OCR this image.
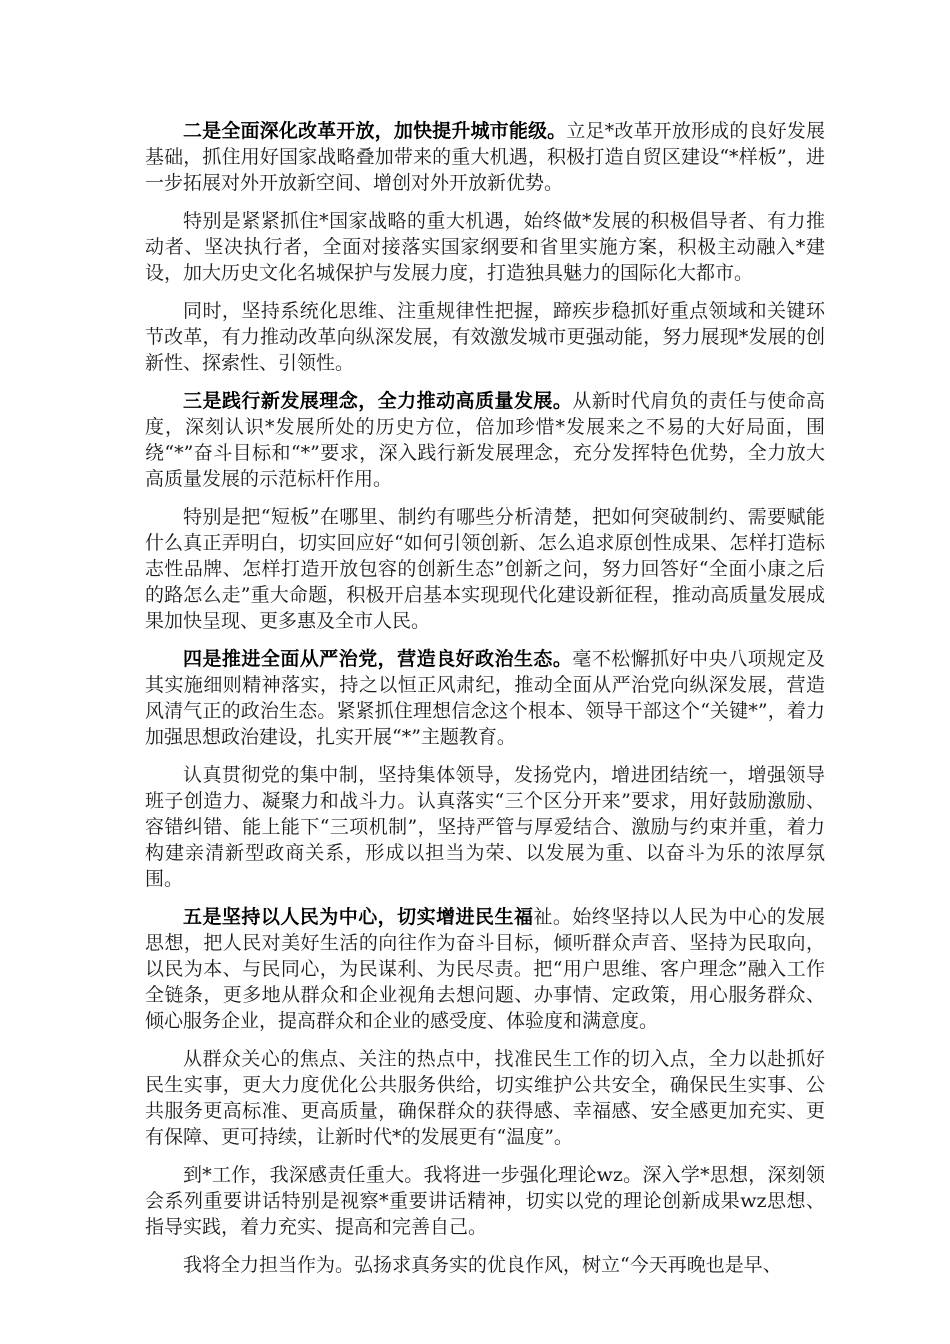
二是全面深化改革开放，加快提升城市能级。立足*改革开放形成的良好发展基础，抓住用好国家战略叠加带来的重大机遇，积极打造自贸区建设“*样板”，进一步拓展对外开放新空间、增创对外开放新优势。

特别是紧紧抓住*国家战略的重大机遇，始终做*发展的积极倡导者、有力推动者、坚决执行者，全面对接落实国家纲要和省里实施方案，积极主动融入*建设，加大历史文化名城保护与发展力度，打造独具魅力的国际化大都市。

同时，坚持系统化思维、注重规律性把握，蹄疾步稳抓好重点领域和关键环节改革，有力推动改革向纵深发展，有效激发城市更强动能，努力展现*发展的创新性、探索性、引领性。

三是践行新发展理念，全力推动高质量发展。从新时代肩负的责任与使命高度，深刻认识*发展所处的历史方位，倍加珍惜*发展来之不易的大好局面，围绕“*”奋斗目标和“*”要求，深入践行新发展理念，充分发挥特色优势，全力放大高质量发展的示范标杆作用。

特别是把“短板”在哪里、制约有哪些分析清楚，把如何突破制约、需要赋能什么真正弄明白，切实回应好“如何引领创新、怎么追求原创性成果、怎样打造标志性品牌、怎样打造开放包容的创新生态”创新之问，努力回答好“全面小康之后的路怎么走”重大命题，积极开启基本实现现代化建设新征程，推动高质量发展成果加快呈现、更多惠及全市人民。

四是推进全面从严治党，营造良好政治生态。毫不松懈抓好中央八项规定及其实施细则精神落实，持之以恒正风肃纪，推动全面从严治党向纵深发展，营造风清气正的政治生态。紧紧抓住理想信念这个根本、领导干部这个“关键*”，着力加强思想政治建设，扎实开展“*”主题教育。

认真贯彻党的集中制，坚持集体领导，发扬党内，增进团结统一，增强领导班子创造力、凝聚力和战斗力。认真落实“三个区分开来”要求，用好鼓励激励、容错纠错、能上能下“三项机制”，坚持严管与厚爱结合、激励与约束并重，着力构建亲清新型政商关系，形成以担当为荣、以发展为重、以奋斗为乐的浓厚氛围。

五是坚持以人民为中心，切实增进民生福祉。始终坚持以人民为中心的发展思想，把人民对美好生活的向往作为奋斗目标，倾听群众声音、坚持为民取向，以民为本、与民同心，为民谋利、为民尽责。把“用户思维、客户理念”融入工作全链条，更多地从群众和企业视角去想问题、办事情、定政策，用心服务群众、倾心服务企业，提高群众和企业的感受度、体验度和满意度。

从群众关心的焦点、关注的热点中，找准民生工作的切入点，全力以赴抓好民生实事，更大力度优化公共服务供给，切实维护公共安全，确保民生实事、公共服务更高标准、更高质量，确保群众的获得感、幸福感、安全感更加充实、更有保障、更可持续，让新时代*的发展更有“温度”。

到*工作，我深感责任重大。我将进一步强化理论wz。深入学*思想，深刻领会系列重要讲话特别是视察*重要讲话精神，切实以党的理论创新成果wz思想、指导实践，着力充实、提高和完善自己。

我将全力担当作为。弘扬求真务实的优良作风，树立“今天再晚也是早、
